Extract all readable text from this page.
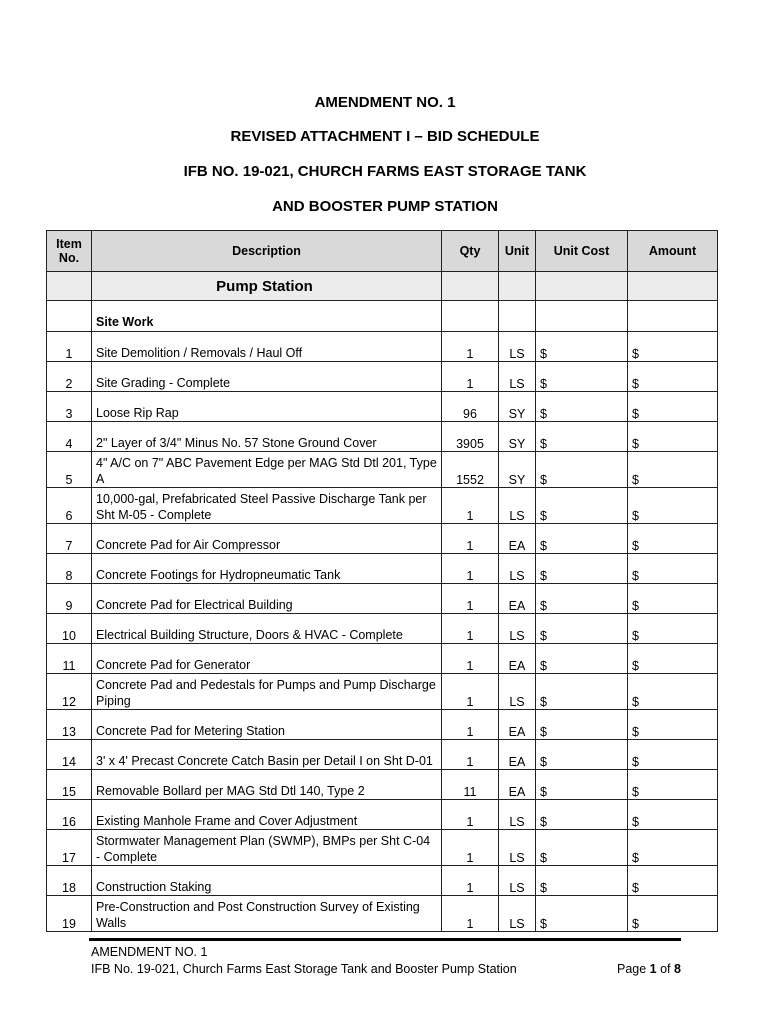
AMENDMENT NO. 1
REVISED ATTACHMENT I – BID SCHEDULE
IFB NO. 19-021, CHURCH FARMS EAST STORAGE TANK
AND BOOSTER PUMP STATION
Item
No.	Description	Qty	Unit	Unit Cost	Amount
	Pump Station				
	Site Work				
1	Site Demolition / Removals / Haul Off	1	LS	$	$
2	Site Grading - Complete	1	LS	$	$
3	Loose Rip Rap	96	SY	$	$
4	2" Layer of 3/4" Minus No. 57 Stone Ground Cover	3905	SY	$	$
5	4" A/C on 7" ABC Pavement Edge per MAG Std Dtl 201, Type A	1552	SY	$	$
6	10,000-gal, Prefabricated Steel Passive Discharge Tank per Sht M-05 - Complete	1	LS	$	$
7	Concrete Pad for Air Compressor	1	EA	$	$
8	Concrete Footings for Hydropneumatic Tank	1	LS	$	$
9	Concrete Pad for Electrical Building	1	EA	$	$
10	Electrical Building Structure, Doors & HVAC - Complete	1	LS	$	$
11	Concrete Pad for Generator	1	EA	$	$
12	Concrete Pad and Pedestals for Pumps and Pump Discharge Piping	1	LS	$	$
13	Concrete Pad for Metering Station	1	EA	$	$
14	3' x 4' Precast Concrete Catch Basin per Detail I on Sht D-01	1	EA	$	$
15	Removable Bollard per MAG Std Dtl 140, Type 2	11	EA	$	$
16	Existing Manhole Frame and Cover Adjustment	1	LS	$	$
17	Stormwater Management Plan (SWMP), BMPs per Sht C-04 - Complete	1	LS	$	$
18	Construction Staking	1	LS	$	$
19	Pre-Construction and Post Construction Survey of Existing Walls	1	LS	$	$
AMENDMENT NO. 1
IFB No. 19-021, Church Farms East Storage Tank and Booster Pump Station	Page 1 of 8
